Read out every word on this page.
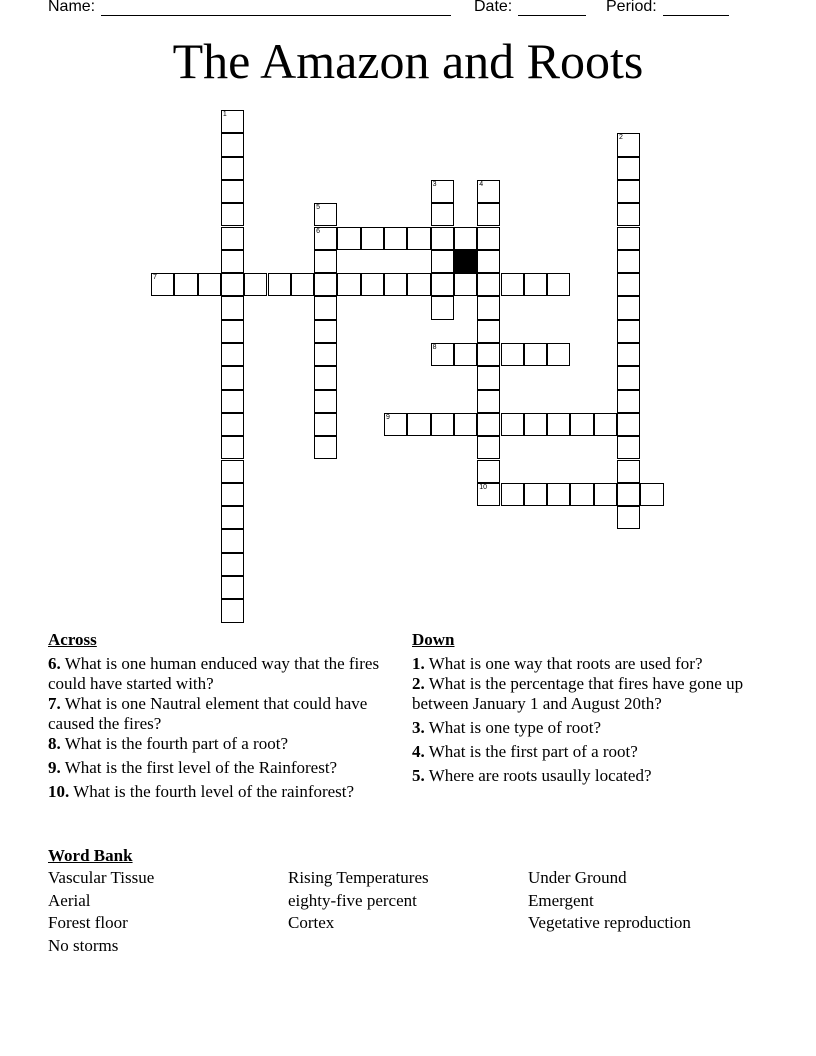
Name:	Date:	Period:
The Amazon and Roots
1
2
3	4
10
5
6
7
8
9
Across
6. What is one human enduced way that the fires could have started with?
7. What is one Nautral element that could have caused the fires?
8. What is the fourth part of a root?
9. What is the first level of the Rainforest?
10. What is the fourth level of the rainforest?
Down
1. What is one way that roots are used for?
2. What is the percentage that fires have gone up between January 1 and August 20th?
3. What is one type of root?
4. What is the first part of a root?
5. Where are roots usaully located?
Word Bank
Vascular Tissue	Rising Temperatures	Under Ground
Aerial	eighty-five percent	Emergent
Forest floor	Cortex	Vegetative reproduction
No storms
